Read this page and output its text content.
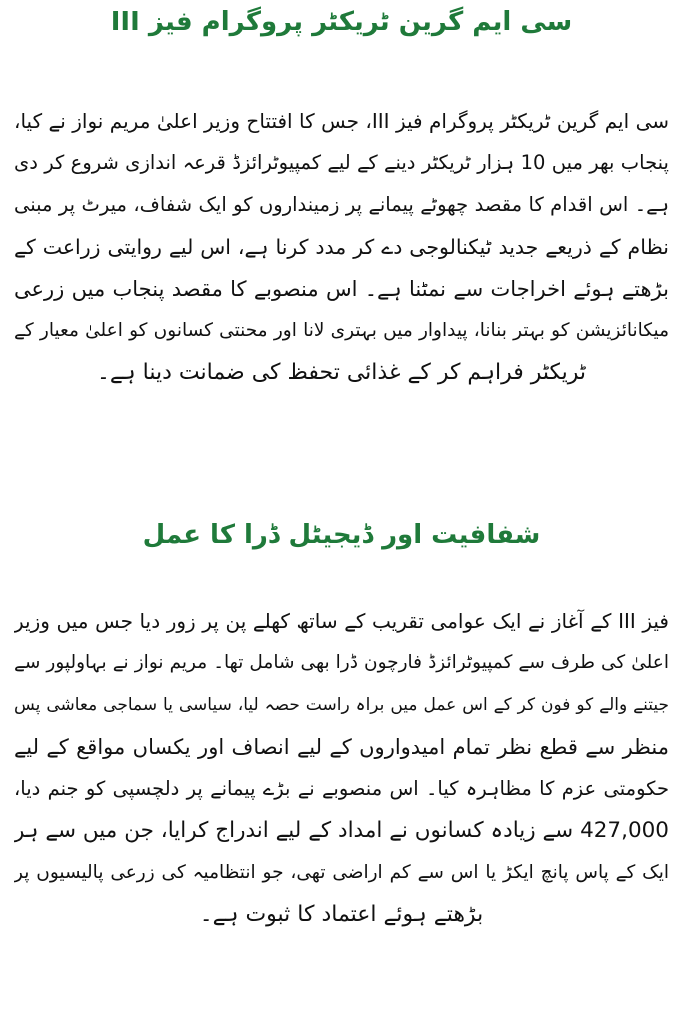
سی ایم گرین ٹریکٹر پروگرام فیز III
سی ایم گرین ٹریکٹر پروگرام فیز III، جس کا افتتاح وزیر اعلیٰ مریم نواز نے کیا،
پنجاب بھر میں 10 ہزار ٹریکٹر دینے کے لیے کمپیوٹرائزڈ قرعہ اندازی شروع کر دی
ہے۔ اس اقدام کا مقصد چھوٹے پیمانے پر زمینداروں کو ایک شفاف، میرٹ پر مبنی
نظام کے ذریعے جدید ٹیکنالوجی دے کر مدد کرنا ہے، اس لیے روایتی زراعت کے
بڑھتے ہوئے اخراجات سے نمٹنا ہے۔ اس منصوبے کا مقصد پنجاب میں زرعی
میکانائزیشن کو بہتر بنانا، پیداوار میں بہتری لانا اور محنتی کسانوں کو اعلیٰ معیار کے
ٹریکٹر فراہم کر کے غذائی تحفظ کی ضمانت دینا ہے۔
شفافیت اور ڈیجیٹل ڈرا کا عمل
فیز III کے آغاز نے ایک عوامی تقریب کے ساتھ کھلے پن پر زور دیا جس میں وزیر
اعلیٰ کی طرف سے کمپیوٹرائزڈ فارچون ڈرا بھی شامل تھا۔ مریم نواز نے بہاولپور سے
جیتنے والے کو فون کر کے اس عمل میں براہ راست حصہ لیا، سیاسی یا سماجی معاشی پس
منظر سے قطع نظر تمام امیدواروں کے لیے انصاف اور یکساں مواقع کے لیے
حکومتی عزم کا مظاہرہ کیا۔ اس منصوبے نے بڑے پیمانے پر دلچسپی کو جنم دیا،
427,000 سے زیادہ کسانوں نے امداد کے لیے اندراج کرایا، جن میں سے ہر
ایک کے پاس پانچ ایکڑ یا اس سے کم اراضی تھی، جو انتظامیہ کی زرعی پالیسیوں پر
بڑھتے ہوئے اعتماد کا ثبوت ہے۔
